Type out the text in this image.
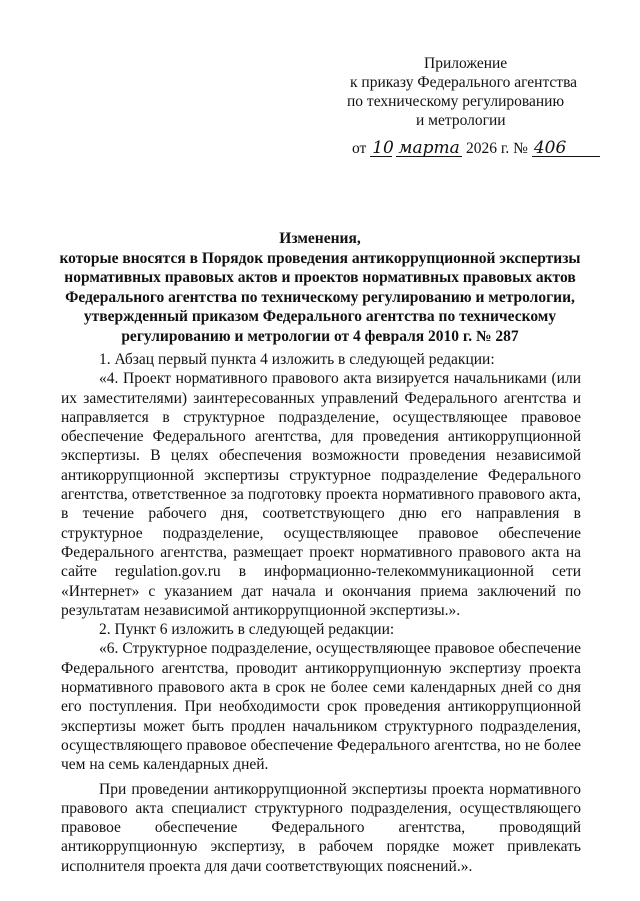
Приложение
к приказу Федерального агентства
по техническому регулированию
и метрологии
от 10 марта 2026 г. № 406
Изменения,
которые вносятся в Порядок проведения антикоррупционной экспертизы нормативных правовых актов и проектов нормативных правовых актов Федерального агентства по техническому регулированию и метрологии, утвержденный приказом Федерального агентства по техническому регулированию и метрологии от 4 февраля 2010 г. № 287

1. Абзац первый пункта 4 изложить в следующей редакции:

«4. Проект нормативного правового акта визируется начальниками (или их заместителями) заинтересованных управлений Федерального агентства и направляется в структурное подразделение, осуществляющее правовое обеспечение Федерального агентства, для проведения антикоррупционной экспертизы. В целях обеспечения возможности проведения независимой антикоррупционной экспертизы структурное подразделение Федерального агентства, ответственное за подготовку проекта нормативного правового акта, в течение рабочего дня, соответствующего дню его направления в структурное подразделение, осуществляющее правовое обеспечение Федерального агентства, размещает проект нормативного правового акта на сайте regulation.gov.ru в информационно-телекоммуникационной сети «Интернет» с указанием дат начала и окончания приема заключений по результатам независимой антикоррупционной экспертизы.».

2. Пункт 6 изложить в следующей редакции:

«6. Структурное подразделение, осуществляющее правовое обеспечение Федерального агентства, проводит антикоррупционную экспертизу проекта нормативного правового акта в срок не более семи календарных дней со дня его поступления. При необходимости срок проведения антикоррупционной экспертизы может быть продлен начальником структурного подразделения, осуществляющего правовое обеспечение Федерального агентства, но не более чем на семь календарных дней.

При проведении антикоррупционной экспертизы проекта нормативного правового акта специалист структурного подразделения, осуществляющего правовое обеспечение Федерального агентства, проводящий антикоррупционную экспертизу, в рабочем порядке может привлекать исполнителя проекта для дачи соответствующих пояснений.».
